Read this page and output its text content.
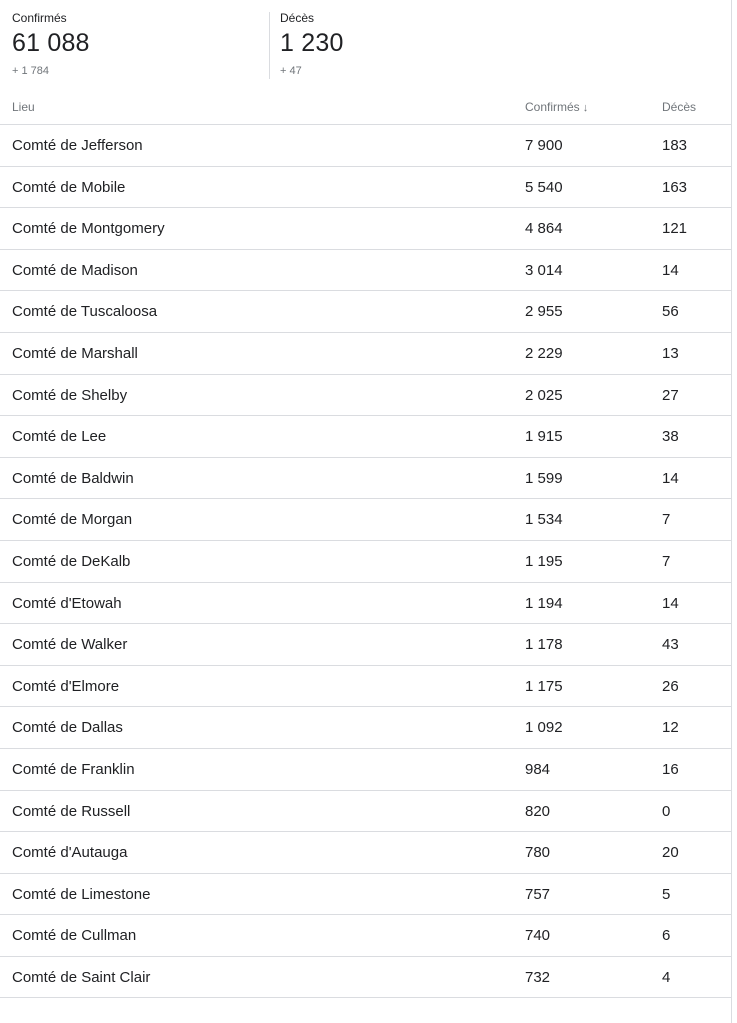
Confirmés
61 088
+ 1 784
Décès
1 230
+ 47
Lieu	Confirmés ↓	Décès
Comté de Jefferson	7 900	183
Comté de Mobile	5 540	163
Comté de Montgomery	4 864	121
Comté de Madison	3 014	14
Comté de Tuscaloosa	2 955	56
Comté de Marshall	2 229	13
Comté de Shelby	2 025	27
Comté de Lee	1 915	38
Comté de Baldwin	1 599	14
Comté de Morgan	1 534	7
Comté de DeKalb	1 195	7
Comté d'Etowah	1 194	14
Comté de Walker	1 178	43
Comté d'Elmore	1 175	26
Comté de Dallas	1 092	12
Comté de Franklin	984	16
Comté de Russell	820	0
Comté d'Autauga	780	20
Comté de Limestone	757	5
Comté de Cullman	740	6
Comté de Saint Clair	732	4
